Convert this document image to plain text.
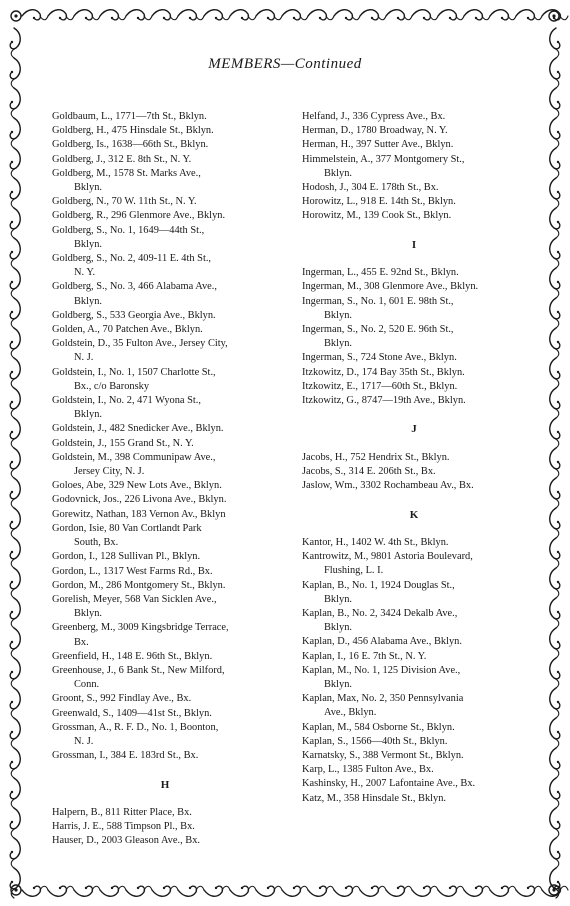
MEMBERS—Continued
Goldbaum, L., 1771—7th St., Bklyn.
Goldberg, H., 475 Hinsdale St., Bklyn.
Goldberg, Is., 1638—66th St., Bklyn.
Goldberg, J., 312 E. 8th St., N. Y.
Goldberg, M., 1578 St. Marks Ave.,
Bklyn.
Goldberg, N., 70 W. 11th St., N. Y.
Goldberg, R., 296 Glenmore Ave., Bklyn.
Goldberg, S., No. 1, 1649—44th St.,
Bklyn.
Goldberg, S., No. 2, 409-11 E. 4th St.,
N. Y.
Goldberg, S., No. 3, 466 Alabama Ave.,
Bklyn.
Goldberg, S., 533 Georgia Ave., Bklyn.
Golden, A., 70 Patchen Ave., Bklyn.
Goldstein, D., 35 Fulton Ave., Jersey City,
N. J.
Goldstein, I., No. 1, 1507 Charlotte St.,
Bx., c/o Baronsky
Goldstein, I., No. 2, 471 Wyona St.,
Bklyn.
Goldstein, J., 482 Snedicker Ave., Bklyn.
Goldstein, J., 155 Grand St., N. Y.
Goldstein, M., 398 Communipaw Ave.,
Jersey City, N. J.
Goloes, Abe, 329 New Lots Ave., Bklyn.
Godovnick, Jos., 226 Livona Ave., Bklyn.
Gorewitz, Nathan, 183 Vernon Av., Bklyn
Gordon, Isie, 80 Van Cortlandt Park
South, Bx.
Gordon, I., 128 Sullivan Pl., Bklyn.
Gordon, L., 1317 West Farms Rd., Bx.
Gordon, M., 286 Montgomery St., Bklyn.
Gorelish, Meyer, 568 Van Sicklen Ave.,
Bklyn.
Greenberg, M., 3009 Kingsbridge Terrace,
Bx.
Greenfield, H., 148 E. 96th St., Bklyn.
Greenhouse, J., 6 Bank St., New Milford,
Conn.
Groont, S., 992 Findlay Ave., Bx.
Greenwald, S., 1409—41st St., Bklyn.
Grossman, A., R. F. D., No. 1, Boonton,
N. J.
Grossman, I., 384 E. 183rd St., Bx.
H
Halpern, B., 811 Ritter Place, Bx.
Harris, J. E., 588 Timpson Pl., Bx.
Hauser, D., 2003 Gleason Ave., Bx.
Helfand, J., 336 Cypress Ave., Bx.
Herman, D., 1780 Broadway, N. Y.
Herman, H., 397 Sutter Ave., Bklyn.
Himmelstein, A., 377 Montgomery St.,
Bklyn.
Hodosh, J., 304 E. 178th St., Bx.
Horowitz, L., 918 E. 14th St., Bklyn.
Horowitz, M., 139 Cook St., Bklyn.
I
Ingerman, L., 455 E. 92nd St., Bklyn.
Ingerman, M., 308 Glenmore Ave., Bklyn.
Ingerman, S., No. 1, 601 E. 98th St.,
Bklyn.
Ingerman, S., No. 2, 520 E. 96th St.,
Bklyn.
Ingerman, S., 724 Stone Ave., Bklyn.
Itzkowitz, D., 174 Bay 35th St., Bklyn.
Itzkowitz, E., 1717—60th St., Bklyn.
Itzkowitz, G., 8747—19th Ave., Bklyn.
J
Jacobs, H., 752 Hendrix St., Bklyn.
Jacobs, S., 314 E. 206th St., Bx.
Jaslow, Wm., 3302 Rochambeau Av., Bx.
K
Kantor, H., 1402 W. 4th St., Bklyn.
Kantrowitz, M., 9801 Astoria Boulevard,
Flushing, L. I.
Kaplan, B., No. 1, 1924 Douglas St.,
Bklyn.
Kaplan, B., No. 2, 3424 Dekalb Ave.,
Bklyn.
Kaplan, D., 456 Alabama Ave., Bklyn.
Kaplan, I., 16 E. 7th St., N. Y.
Kaplan, M., No. 1, 125 Division Ave.,
Bklyn.
Kaplan, Max, No. 2, 350 Pennsylvania
Ave., Bklyn.
Kaplan, M., 584 Osborne St., Bklyn.
Kaplan, S., 1566—40th St., Bklyn.
Karnatsky, S., 388 Vermont St., Bklyn.
Karp, L., 1385 Fulton Ave., Bx.
Kashinsky, H., 2007 Lafontaine Ave., Bx.
Katz, M., 358 Hinsdale St., Bklyn.
